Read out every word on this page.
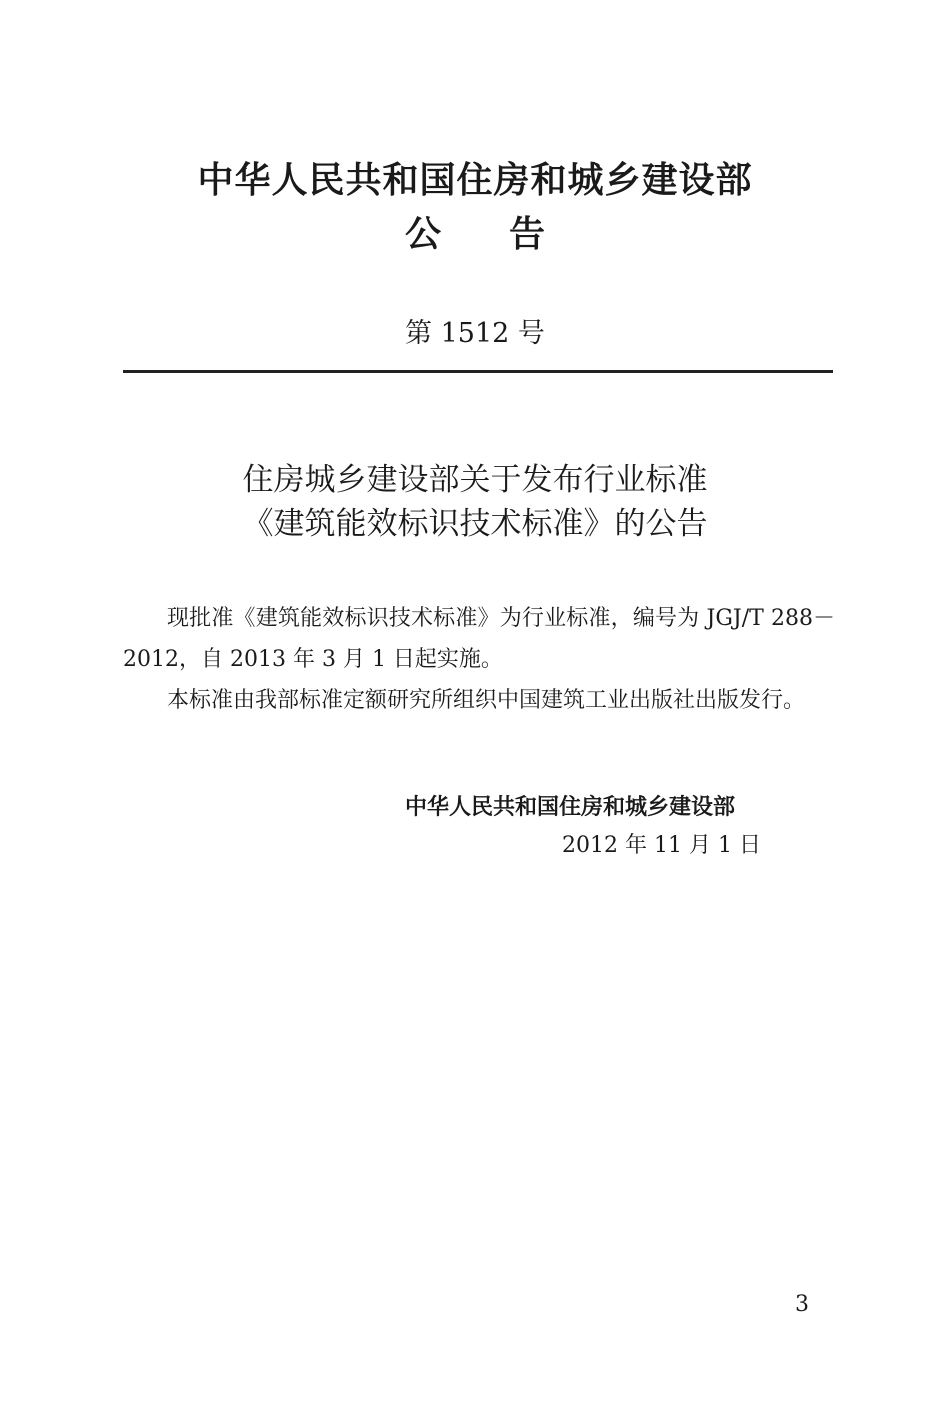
中华人民共和国住房和城乡建设部
公告
第 1512 号
住房城乡建设部关于发布行业标准
《建筑能效标识技术标准》的公告

现批准《建筑能效标识技术标准》为行业标准，编号为 JGJ/T 288－2012，自 2013 年 3 月 1 日起实施。

本标准由我部标准定额研究所组织中国建筑工业出版社出版发行。

中华人民共和国住房和城乡建设部
2012 年 11 月 1 日
3
